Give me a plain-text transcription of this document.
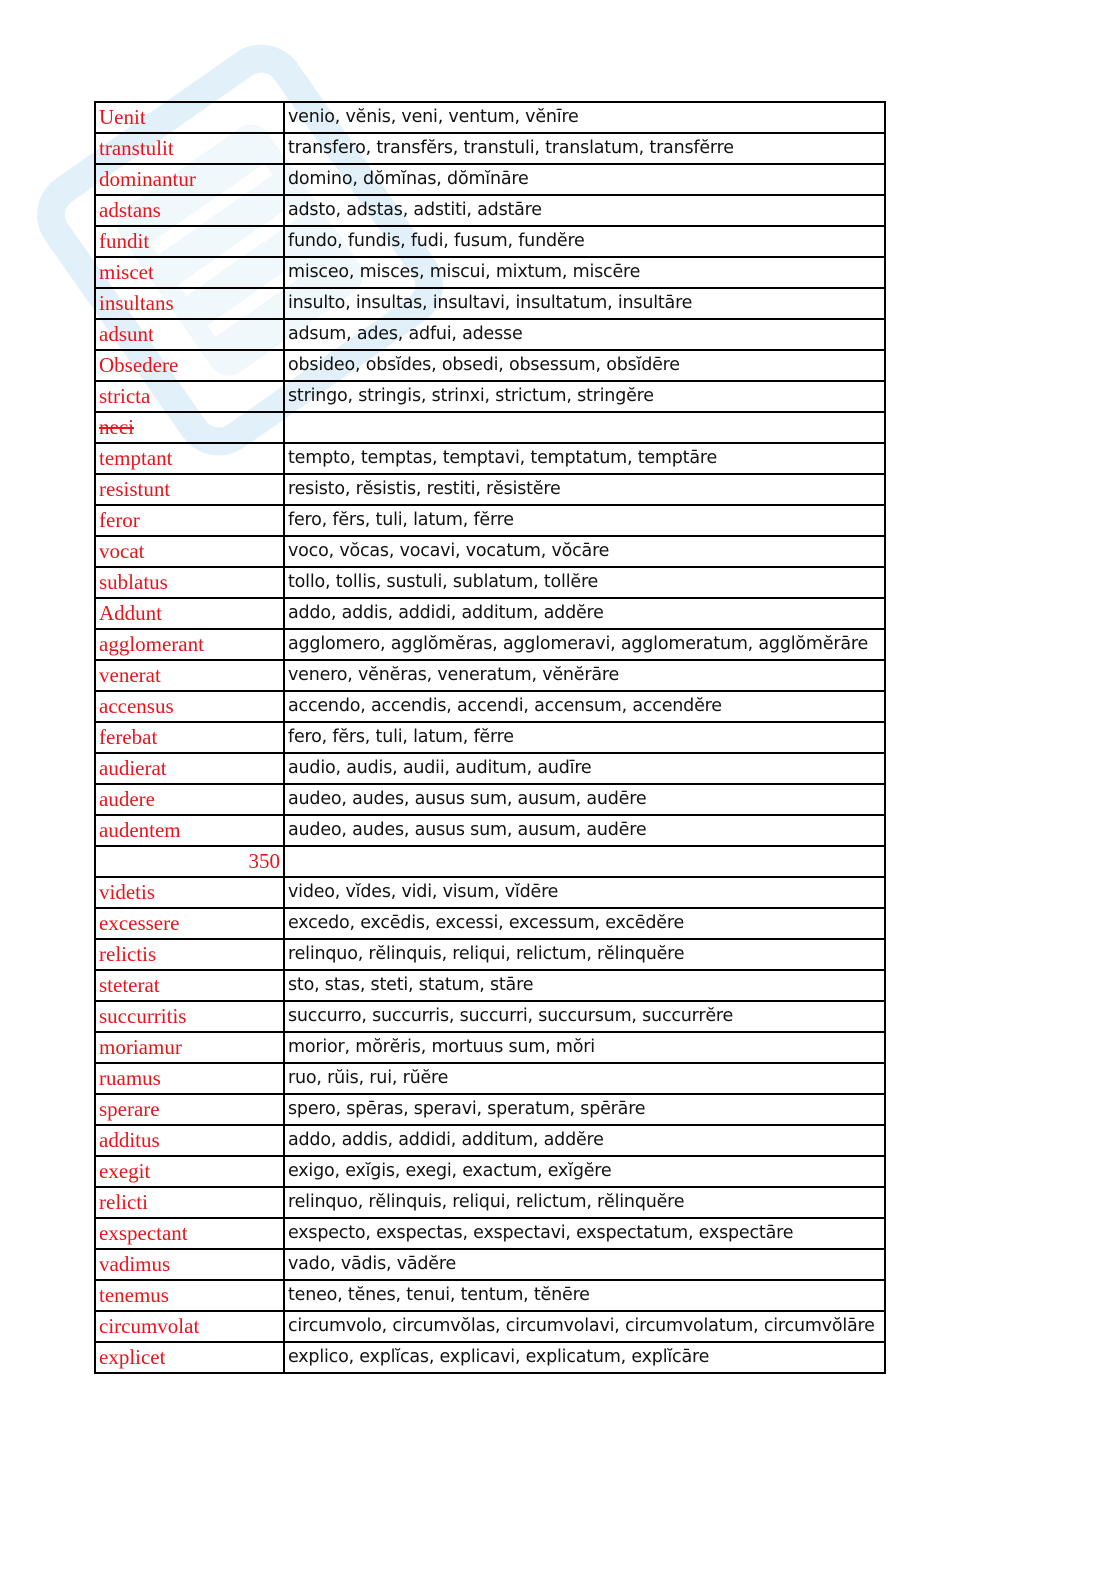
Uenit	venio, vĕnis, veni, ventum, vĕnīre
transtulit	transfero, transfĕrs, transtuli, translatum, transfĕrre
dominantur	domino, dŏmĭnas, dŏmĭnāre
adstans	adsto, adstas, adstiti, adstāre
fundit	fundo, fundis, fudi, fusum, fundĕre
miscet	misceo, misces, miscui, mixtum, miscēre
insultans	insulto, insultas, insultavi, insultatum, insultāre
adsunt	adsum, ades, adfui, adesse
Obsedere	obsideo, obsĭdes, obsedi, obsessum, obsĭdēre
stricta	stringo, stringis, strinxi, strictum, stringĕre
neci	
temptant	tempto, temptas, temptavi, temptatum, temptāre
resistunt	resisto, rĕsistis, restiti, rĕsistĕre
feror	fero, fĕrs, tuli, latum, fĕrre
vocat	voco, vŏcas, vocavi, vocatum, vŏcāre
sublatus	tollo, tollis, sustuli, sublatum, tollĕre
Addunt	addo, addis, addidi, additum, addĕre
agglomerant	agglomero, agglŏmĕras, agglomeravi, agglomeratum, agglŏmĕrāre
venerat	venero, vĕnĕras, veneratum, vĕnĕrāre
accensus	accendo, accendis, accendi, accensum, accendĕre
ferebat	fero, fĕrs, tuli, latum, fĕrre
audierat	audio, audis, audii, auditum, audīre
audere	audeo, audes, ausus sum, ausum, audēre
audentem	audeo, audes, ausus sum, ausum, audēre
350	
videtis	video, vĭdes, vidi, visum, vĭdēre
excessere	excedo, excēdis, excessi, excessum, excēdĕre
relictis	relinquo, rĕlinquis, reliqui, relictum, rĕlinquĕre
steterat	sto, stas, steti, statum, stāre
succurritis	succurro, succurris, succurri, succursum, succurrĕre
moriamur	morior, mŏrĕris, mortuus sum, mŏri
ruamus	ruo, rŭis, rui, rŭĕre
sperare	spero, spēras, speravi, speratum, spērāre
additus	addo, addis, addidi, additum, addĕre
exegit	exigo, exĭgis, exegi, exactum, exĭgĕre
relicti	relinquo, rĕlinquis, reliqui, relictum, rĕlinquĕre
exspectant	exspecto, exspectas, exspectavi, exspectatum, exspectāre
vadimus	vado, vādis, vādĕre
tenemus	teneo, tĕnes, tenui, tentum, tĕnēre
circumvolat	circumvolo, circumvŏlas, circumvolavi, circumvolatum, circumvŏlāre
explicet	explico, explĭcas, explicavi, explicatum, explĭcāre
